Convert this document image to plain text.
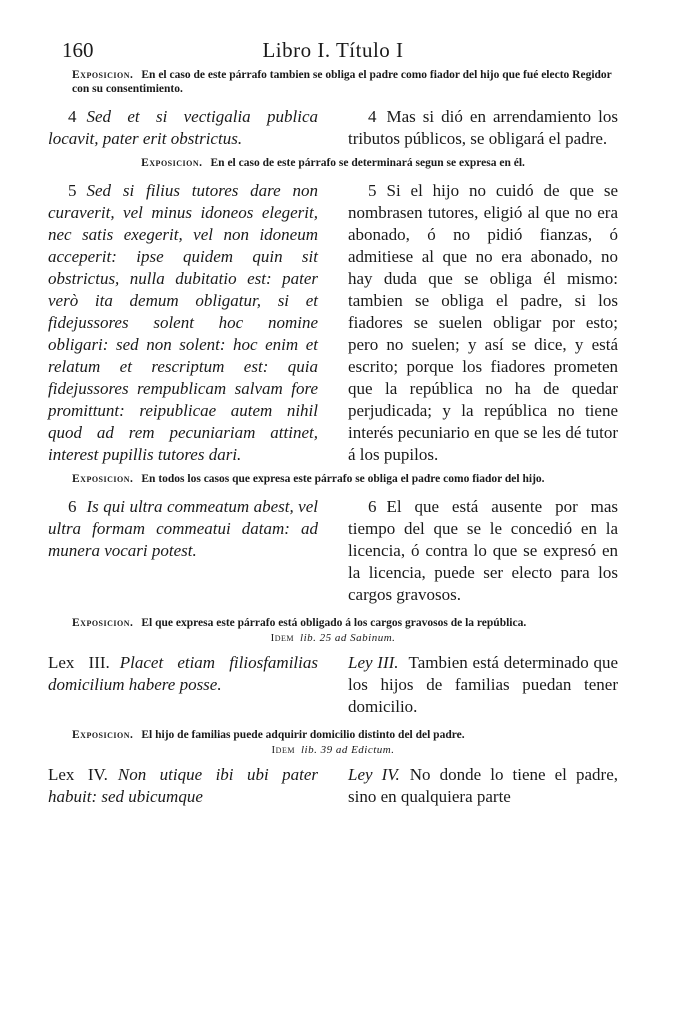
160	Libro I. Título I

Exposicion. En el caso de este párrafo tambien se obliga el padre como fiador del hijo que fué electo Regidor con su consentimiento.

4 Sed et si vectigalia publica locavit, pater erit obstrictus.
4 Mas si dió en arrendamiento los tributos públicos, se obligará el padre.

Exposicion. En el caso de este párrafo se determinará segun se expresa en él.

5 Sed si filius tutores dare non curaverit, vel minus idoneos elegerit, nec satis exegerit, vel non idoneum acceperit: ipse quidem quin sit obstrictus, nulla dubitatio est: pater verò ita demum obligatur, si et fidejussores solent hoc nomine obligari: sed non solent: hoc enim et relatum et rescriptum est: quia fidejussores rempublicam salvam fore promittunt: reipublicae autem nihil quod ad rem pecuniariam attinet, interest pupillis tutores dari.
5 Si el hijo no cuidó de que se nombrasen tutores, eligió al que no era abonado, ó no pidió fianzas, ó admitiese al que no era abonado, no hay duda que se obliga él mismo: tambien se obliga el padre, si los fiadores se suelen obligar por esto; pero no suelen; y así se dice, y está escrito; porque los fiadores prometen que la república no ha de quedar perjudicada; y la república no tiene interés pecuniario en que se les dé tutor á los pupilos.

Exposicion. En todos los casos que expresa este párrafo se obliga el padre como fiador del hijo.

6 Is qui ultra commeatum abest, vel ultra formam commeatui datam: ad munera vocari potest.
6 El que está ausente por mas tiempo del que se le concedió en la licencia, ó contra lo que se expresó en la licencia, puede ser electo para los cargos gravosos.

Exposicion. El que expresa este párrafo está obligado á los cargos gravosos de la república.

Idem lib. 25 ad Sabinum.
Lex III. Placet etiam filiosfamilias domicilium habere posse.
Ley III. Tambien está determinado que los hijos de familias puedan tener domicilio.

Exposicion. El hijo de familias puede adquirir domicilio distinto del del padre.

Idem lib. 39 ad Edictum.
Lex IV. Non utique ibi ubi pater habuit: sed ubicumque
Ley IV. No donde lo tiene el padre, sino en qualquiera parte
